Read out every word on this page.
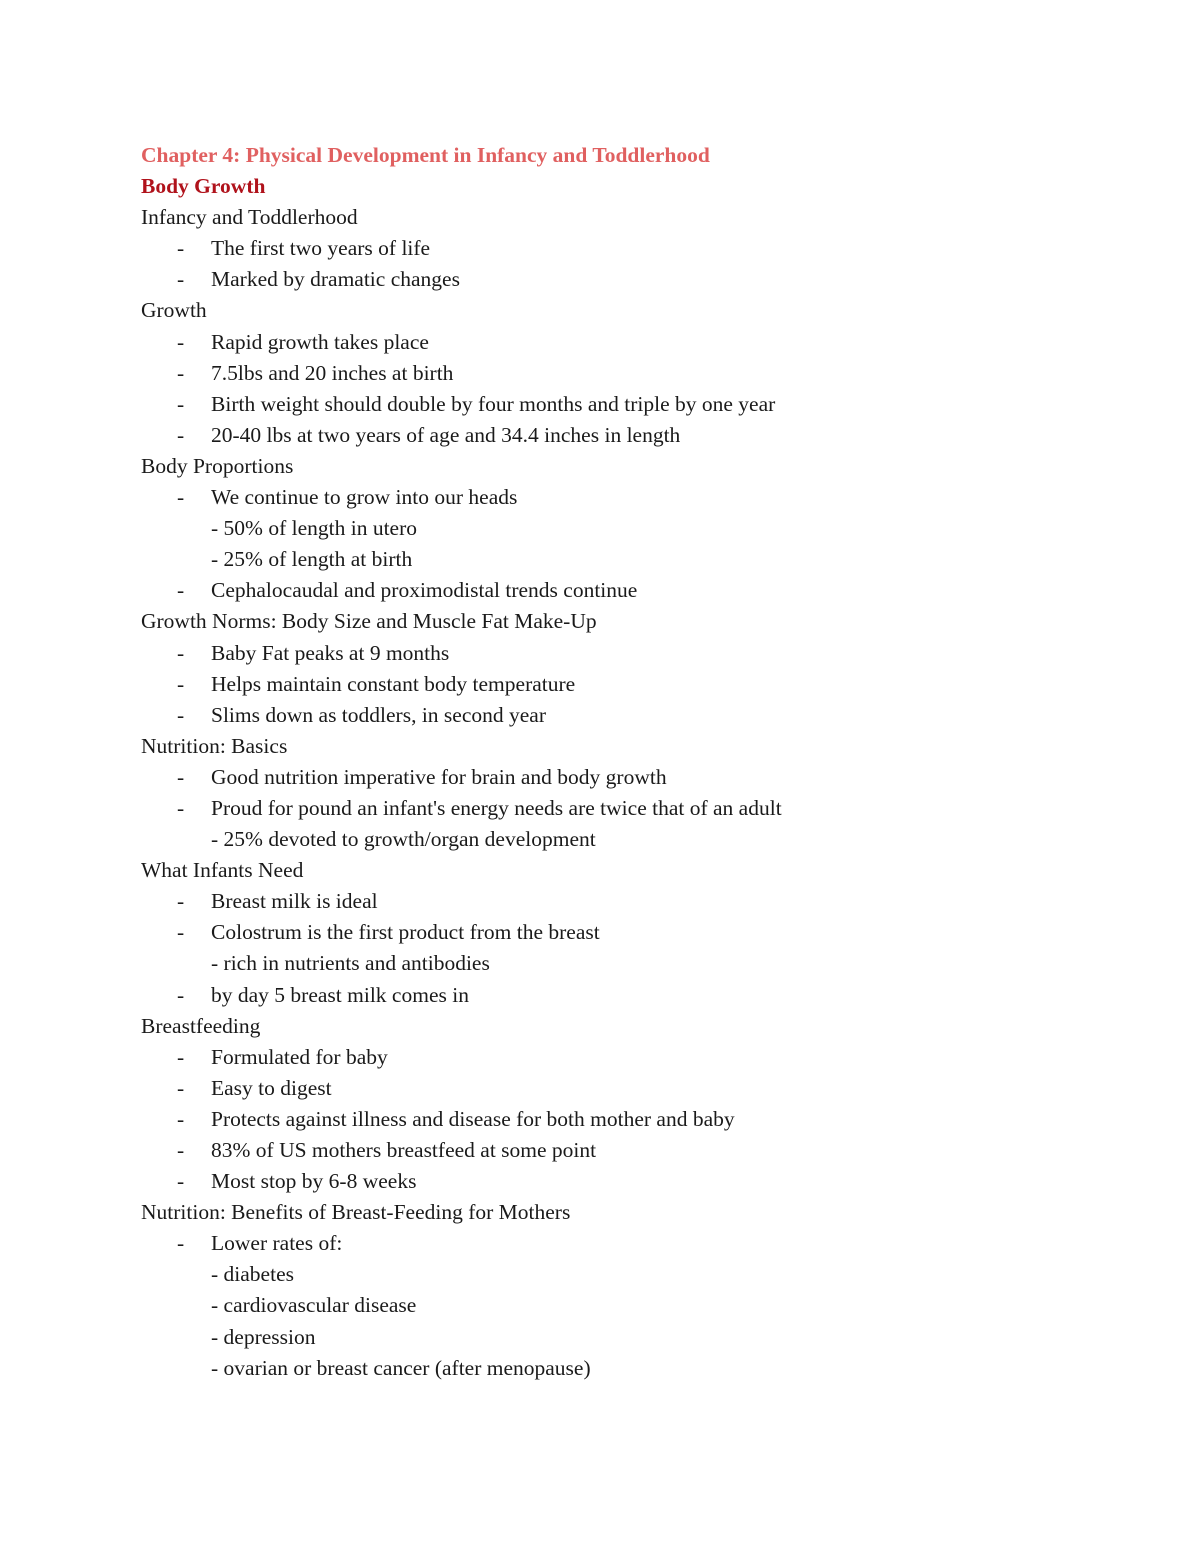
Chapter 4: Physical Development in Infancy and Toddlerhood
Body Growth
Infancy and Toddlerhood
- The first two years of life
- Marked by dramatic changes
Growth
- Rapid growth takes place
- 7.5lbs and 20 inches at birth
- Birth weight should double by four months and triple by one year
- 20-40 lbs at two years of age and 34.4 inches in length
Body Proportions
- We continue to grow into our heads
- 50% of length in utero
- 25% of length at birth
- Cephalocaudal and proximodistal trends continue
Growth Norms: Body Size and Muscle Fat Make-Up
- Baby Fat peaks at 9 months
- Helps maintain constant body temperature
- Slims down as toddlers, in second year
Nutrition: Basics
- Good nutrition imperative for brain and body growth
- Proud for pound an infant's energy needs are twice that of an adult
- 25% devoted to growth/organ development
What Infants Need
- Breast milk is ideal
- Colostrum is the first product from the breast
- rich in nutrients and antibodies
- by day 5 breast milk comes in
Breastfeeding
- Formulated for baby
- Easy to digest
- Protects against illness and disease for both mother and baby
- 83% of US mothers breastfeed at some point
- Most stop by 6-8 weeks
Nutrition: Benefits of Breast-Feeding for Mothers
- Lower rates of:
- diabetes
- cardiovascular disease
- depression
- ovarian or breast cancer (after menopause)
